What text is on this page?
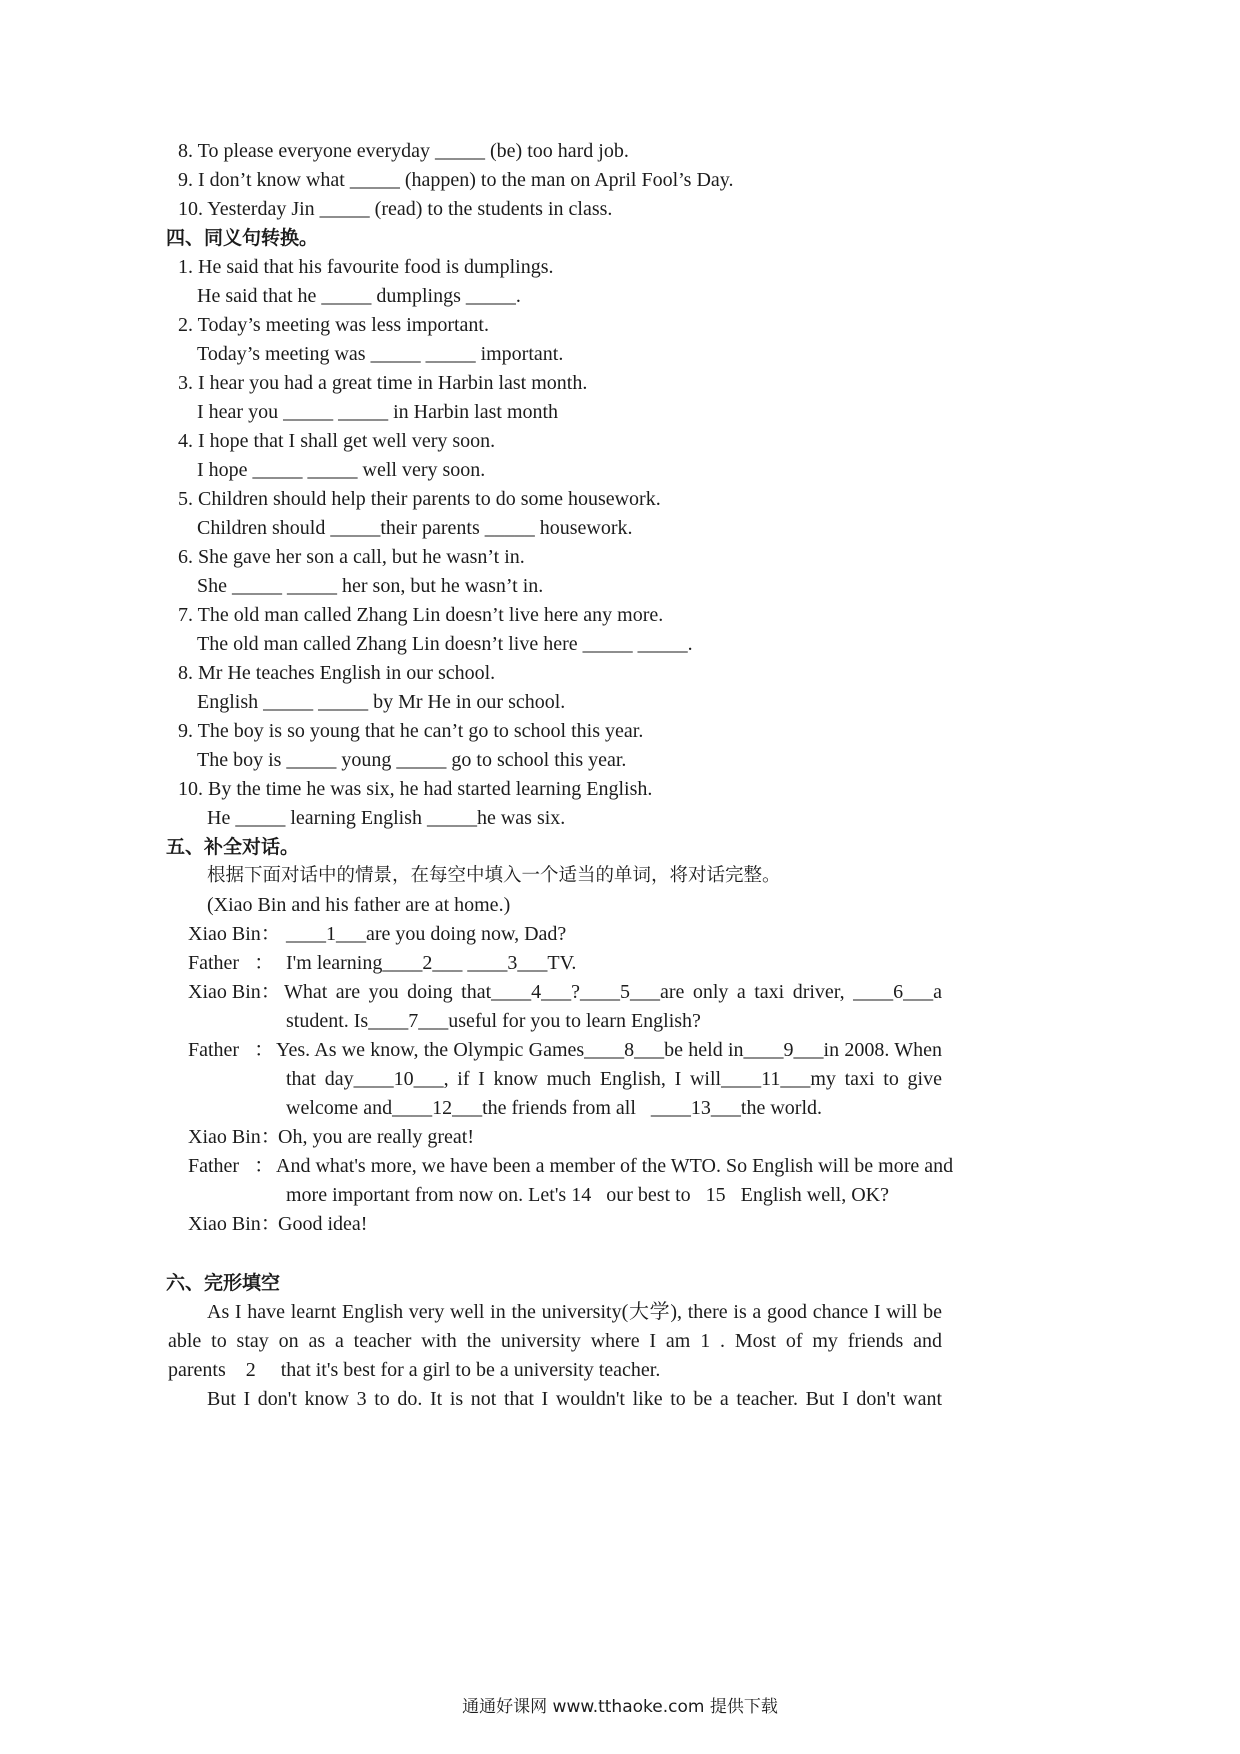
8. To please everyone everyday _____ (be) too hard job.
9. I don’t know what _____ (happen) to the man on April Fool’s Day.
10. Yesterday Jin _____ (read) to the students in class.
四、同义句转换。
1. He said that his favourite food is dumplings.
He said that he _____ dumplings _____.
2. Today’s meeting was less important.
Today’s meeting was _____ _____ important.
3. I hear you had a great time in Harbin last month.
I hear you _____ _____ in Harbin last month
4. I hope that I shall get well very soon.
I hope _____ _____ well very soon.
5. Children should help their parents to do some housework.
Children should _____their parents _____ housework.
6. She gave her son a call, but he wasn’t in.
She _____ _____ her son, but he wasn’t in.
7. The old man called Zhang Lin doesn’t live here any more.
The old man called Zhang Lin doesn’t live here _____ _____.
8. Mr He teaches English in our school.
English _____ _____ by Mr He in our school.
9. The boy is so young that he can’t go to school this year.
The boy is _____ young _____ go to school this year.
10. By the time he was six, he had started learning English.
He _____ learning English _____he was six.
五、补全对话。
根据下面对话中的情景，在每空中填入一个适当的单词，将对话完整。
(Xiao Bin and his father are at home.)
Xiao Bin： ____1___are you doing now, Dad?
Father   ： I'm learning____2___ ____3___TV.
Xiao Bin： What are you doing that____4___?____5___are only a taxi driver, ____6___a
student. Is____7___useful for you to learn English?
Father   ： Yes. As we know, the Olympic Games____8___be held in____9___in 2008. When
that day____10___, if I know much English, I will____11___my taxi to give
welcome and____12___the friends from all   ____13___the world.
Xiao Bin：
Oh, you are really great!
Father   ： And what's more, we have been a member of the WTO. So English will be more and
more important from now on. Let's 14   our best to   15   English well, OK?
Xiao Bin：
Good idea!
六、完形填空
As I have learnt English very well in the university(大学), there is a good chance I will be
able to stay on as a teacher with the university where I am 1 . Most of my friends and
parents    2     that it's best for a girl to be a university teacher.
But I don't know 3 to do. It is not that I wouldn't like to be a teacher. But I don't want
通通好课网 www.tthaoke.com 提供下载
